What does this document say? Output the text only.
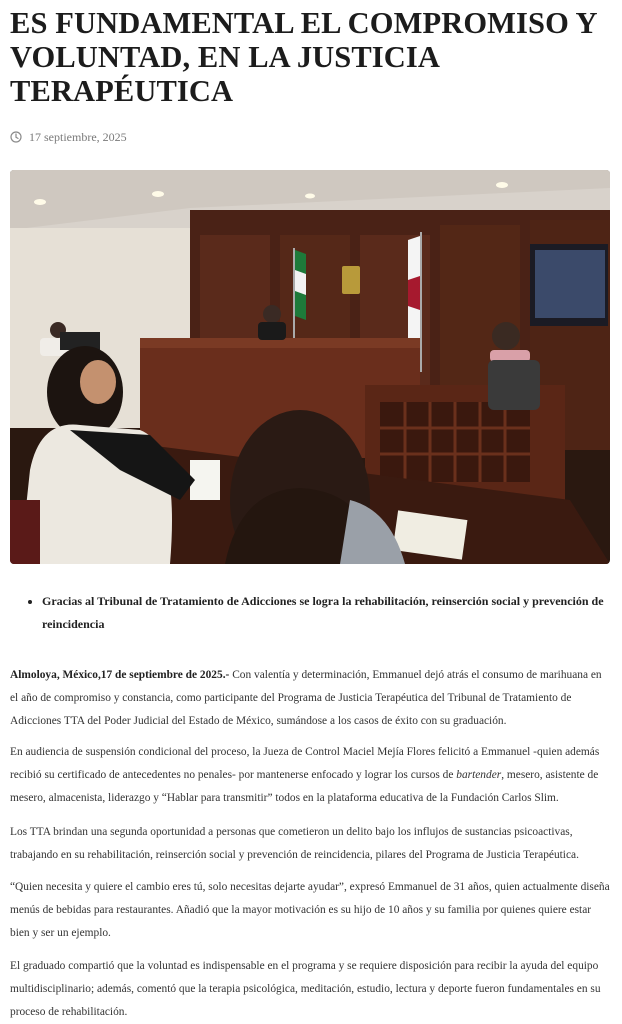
ES FUNDAMENTAL EL COMPROMISO Y VOLUNTAD, EN LA JUSTICIA TERAPÉUTICA
17 septiembre, 2025
• Gracias al Tribunal de Tratamiento de Adicciones se logra la rehabilitación, reinserción social y prevención de reincidencia

Almoloya, México,17 de septiembre de 2025.- Con valentía y determinación, Emmanuel dejó atrás el consumo de marihuana en el año de compromiso y constancia, como participante del Programa de Justicia Terapéutica del Tribunal de Tratamiento de Adicciones TTA del Poder Judicial del Estado de México, sumándose a los casos de éxito con su graduación.

En audiencia de suspensión condicional del proceso, la Jueza de Control Maciel Mejía Flores felicitó a Emmanuel -quien además recibió su certificado de antecedentes no penales- por mantenerse enfocado y lograr los cursos de bartender, mesero, asistente de mesero, almacenista, liderazgo y “Hablar para transmitir” todos en la plataforma educativa de la Fundación Carlos Slim.

Los TTA brindan una segunda oportunidad a personas que cometieron un delito bajo los influjos de sustancias psicoactivas, trabajando en su rehabilitación, reinserción social y prevención de reincidencia, pilares del Programa de Justicia Terapéutica.

“Quien necesita y quiere el cambio eres tú, solo necesitas dejarte ayudar”, expresó Emmanuel de 31 años, quien actualmente diseña menús de bebidas para restaurantes. Añadió que la mayor motivación es su hijo de 10 años y su familia por quienes quiere estar bien y ser un ejemplo.

El graduado compartió que la voluntad es indispensable en el programa y se requiere disposición para recibir la ayuda del equipo multidisciplinario; además, comentó que la terapia psicológica, meditación, estudio, lectura y deporte fueron fundamentales en su proceso de rehabilitación.
